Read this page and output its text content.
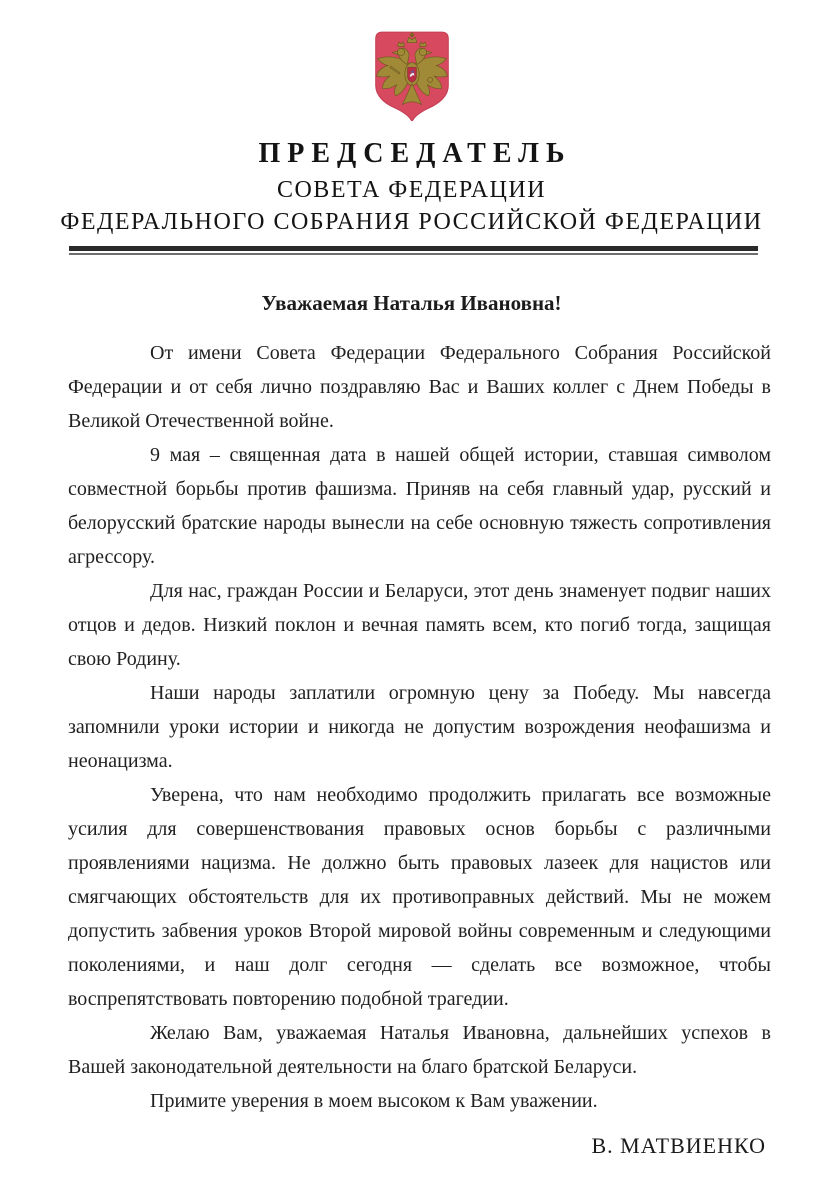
ПРЕДСЕДАТЕЛЬ
СОВЕТА ФЕДЕРАЦИИ
ФЕДЕРАЛЬНОГО СОБРАНИЯ РОССИЙСКОЙ ФЕДЕРАЦИИ
Уважаемая Наталья Ивановна!

От имени Совета Федерации Федерального Собрания Российской Федерации и от себя лично поздравляю Вас и Ваших коллег с Днем Победы в Великой Отечественной войне.

9 мая – священная дата в нашей общей истории, ставшая символом совместной борьбы против фашизма. Приняв на себя главный удар, русский и белорусский братские народы вынесли на себе основную тяжесть сопротивления агрессору.

Для нас, граждан России и Беларуси, этот день знаменует подвиг наших отцов и дедов. Низкий поклон и вечная память всем, кто погиб тогда, защищая свою Родину.

Наши народы заплатили огромную цену за Победу. Мы навсегда запомнили уроки истории и никогда не допустим возрождения неофашизма и неонацизма.

Уверена, что нам необходимо продолжить прилагать все возможные усилия для совершенствования правовых основ борьбы с различными проявлениями нацизма. Не должно быть правовых лазеек для нацистов или смягчающих обстоятельств для их противоправных действий. Мы не можем допустить забвения уроков Второй мировой войны современным и следующими поколениями, и наш долг сегодня — сделать все возможное, чтобы воспрепятствовать повторению подобной трагедии.

Желаю Вам, уважаемая Наталья Ивановна, дальнейших успехов в Вашей законодательной деятельности на благо братской Беларуси.

Примите уверения в моем высоком к Вам уважении.

В. МАТВИЕНКО
